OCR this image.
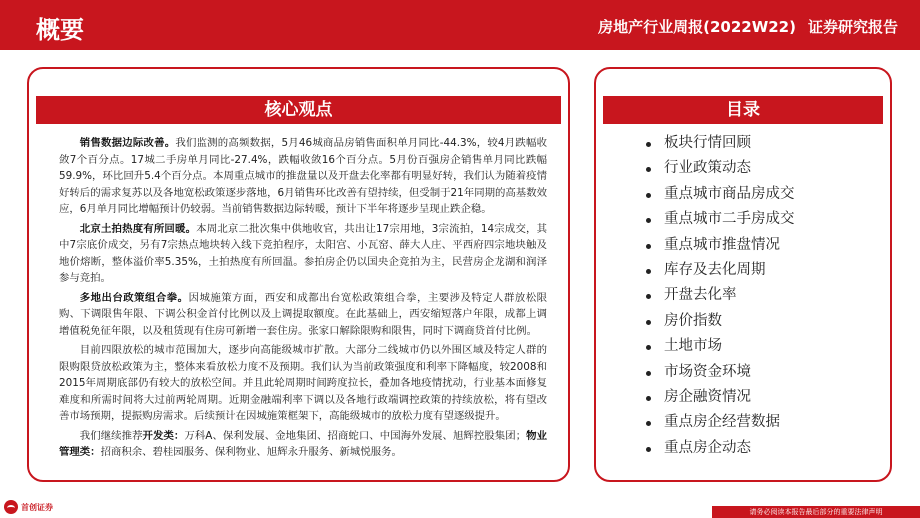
概要	房地产行业周报(2022W22) 证券研究报告
核心观点

销售数据边际改善。我们监测的高频数据，5月46城商品房销售面积单月同比-44.3%，较4月跌幅收敛7个百分点。17城二手房单月同比-27.4%，跌幅收敛16个百分点。5月份百强房企销售单月同比跌幅59.9%，环比回升5.4个百分点。本周重点城市的推盘量以及开盘去化率都有明显好转，我们认为随着疫情好转后的需求复苏以及各地宽松政策逐步落地，6月销售环比改善有望持续，但受制于21年同期的高基数效应，6月单月同比增幅预计仍较弱。当前销售数据边际转暖，预计下半年将逐步呈现止跌企稳。

北京土拍热度有所回暖。本周北京二批次集中供地收官，共出让17宗用地，3宗流拍，14宗成交，其中7宗底价成交，另有7宗热点地块转入线下竞拍程序，太阳宫、小瓦窑、薛大人庄、平西府四宗地块触及地价熔断，整体溢价率5.35%，土拍热度有所回温。参拍房企仍以国央企竞拍为主，民营房企龙湖和润泽参与竞拍。

多地出台政策组合拳。因城施策方面，西安和成都出台宽松政策组合拳，主要涉及特定人群放松限购、下调限售年限、下调公积金首付比例以及上调提取额度。在此基础上，西安缩短落户年限，成都上调增值税免征年限，以及租赁现有住房可新增一套住房。张家口解除限购和限售，同时下调商贷首付比例。

目前四限放松的城市范围加大，逐步向高能级城市扩散。大部分二线城市仍以外围区域及特定人群的限购限贷放松政策为主，整体来看放松力度不及预期。我们认为当前政策强度和利率下降幅度，较2008和2015年周期底部仍有较大的放松空间。并且此轮周期时间跨度拉长，叠加各地疫情扰动，行业基本面修复难度和所需时间将大过前两轮周期。近期金融端利率下调以及各地行政端调控政策的持续放松，将有望改善市场预期，提振购房需求。后续预计在因城施策框架下，高能级城市的放松力度有望逐级提升。

我们继续推荐开发类：万科A、保利发展、金地集团、招商蛇口、中国海外发展、旭辉控股集团；物业管理类：招商积余、碧桂园服务、保利物业、旭辉永升服务、新城悦服务。

目录
板块行情回顾
行业政策动态
重点城市商品房成交
重点城市二手房成交
重点城市推盘情况
库存及去化周期
开盘去化率
房价指数
土地市场
市场资金环境
房企融资情况
重点房企经营数据
重点房企动态
首创证券
请务必阅读本报告最后部分的重要法律声明
